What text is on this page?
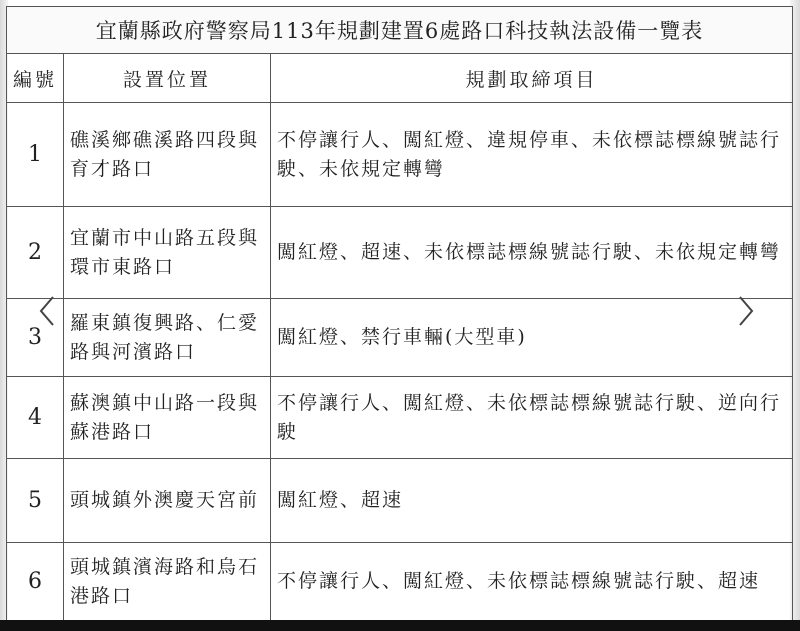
宜蘭縣政府警察局113年規劃建置6處路口科技執法設備一覽表		
編號	設置位置	規劃取締項目
1	礁溪鄉礁溪路四段與育才路口	不停讓行人、闖紅燈、違規停車、未依標誌標線號誌行駛、未依規定轉彎
2	宜蘭市中山路五段與環市東路口	闖紅燈、超速、未依標誌標線號誌行駛、未依規定轉彎
3	羅東鎮復興路、仁愛路與河濱路口	闖紅燈、禁行車輛(大型車)
4	蘇澳鎮中山路一段與蘇港路口	不停讓行人、闖紅燈、未依標誌標線號誌行駛、逆向行駛
5	頭城鎮外澳慶天宮前	闖紅燈、超速
6	頭城鎮濱海路和烏石港路口	不停讓行人、闖紅燈、未依標誌標線號誌行駛、超速
